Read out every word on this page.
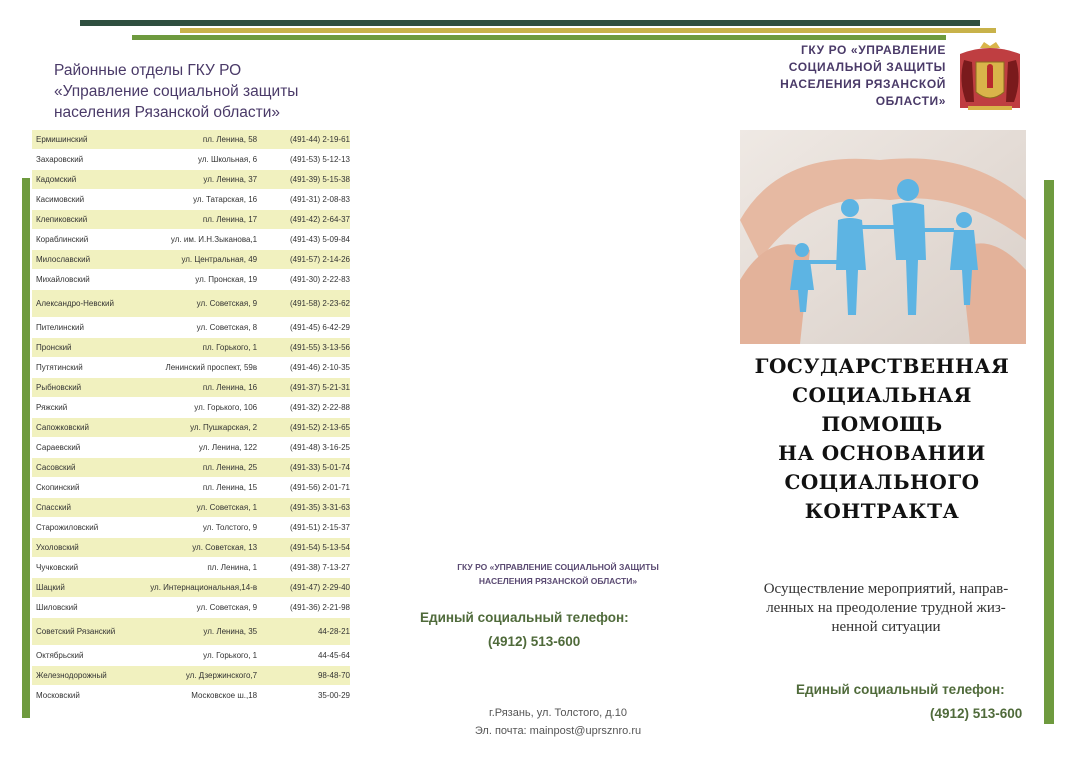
Районные отделы ГКУ РО
«Управление социальной защиты
населения Рязанской области»
Ермишинский	пл. Ленина, 58	(491-44) 2-19-61
Захаровский	ул. Школьная, 6	(491-53) 5-12-13
Кадомский	ул. Ленина, 37	(491-39) 5-15-38
Касимовский	ул. Татарская, 16	(491-31) 2-08-83
Клепиковский	пл. Ленина, 17	(491-42) 2-64-37
Кораблинский	ул. им. И.Н.Зыканова,1	(491-43) 5-09-84
Милославский	ул. Центральная, 49	(491-57) 2-14-26
Михайловский	ул. Пронская, 19	(491-30) 2-22-83
Александро-Невский	ул. Советская, 9	(491-58) 2-23-62
Пителинский	ул. Советская, 8	(491-45) 6-42-29
Пронский	пл. Горького, 1	(491-55) 3-13-56
Путятинский	Ленинский проспект, 59в	(491-46) 2-10-35
Рыбновский	пл. Ленина, 16	(491-37) 5-21-31
Ряжский	ул. Горького, 106	(491-32) 2-22-88
Сапожковский	ул. Пушкарская, 2	(491-52) 2-13-65
Сараевский	ул. Ленина, 122	(491-48) 3-16-25
Сасовский	пл. Ленина, 25	(491-33) 5-01-74
Скопинский	пл. Ленина, 15	(491-56) 2-01-71
Спасский	ул. Советская, 1	(491-35) 3-31-63
Старожиловский	ул. Толстого, 9	(491-51) 2-15-37
Ухоловский	ул. Советская, 13	(491-54) 5-13-54
Чучковский	пл. Ленина, 1	(491-38) 7-13-27
Шацкий	ул. Интернациональная,14-в	(491-47) 2-29-40
Шиловский	ул. Советская, 9	(491-36) 2-21-98
Советский Рязанский	ул. Ленина, 35	44-28-21
Октябрьский	ул. Горького, 1	44-45-64
Железнодорожный	ул. Дзержинского,7	98-48-70
Московский	Московское ш.,18	35-00-29
ГКУ РО «УПРАВЛЕНИЕ СОЦИАЛЬНОЙ ЗАЩИТЫ
НАСЕЛЕНИЯ РЯЗАНСКОЙ ОБЛАСТИ»
Единый социальный телефон:
(4912) 513-600
г.Рязань, ул. Толстого, д.10
Эл. почта: mainpost@uprsznro.ru
ГКУ РО «УПРАВЛЕНИЕ
СОЦИАЛЬНОЙ ЗАЩИТЫ
НАСЕЛЕНИЯ РЯЗАНСКОЙ
ОБЛАСТИ»
ГОСУДАРСТВЕННАЯ
СОЦИАЛЬНАЯ
ПОМОЩЬ
НА ОСНОВАНИИ
СОЦИАЛЬНОГО
КОНТРАКТА
Осуществление мероприятий, направ-
ленных на преодоление трудной жиз-
ненной ситуации
Единый социальный телефон:
(4912) 513-600
